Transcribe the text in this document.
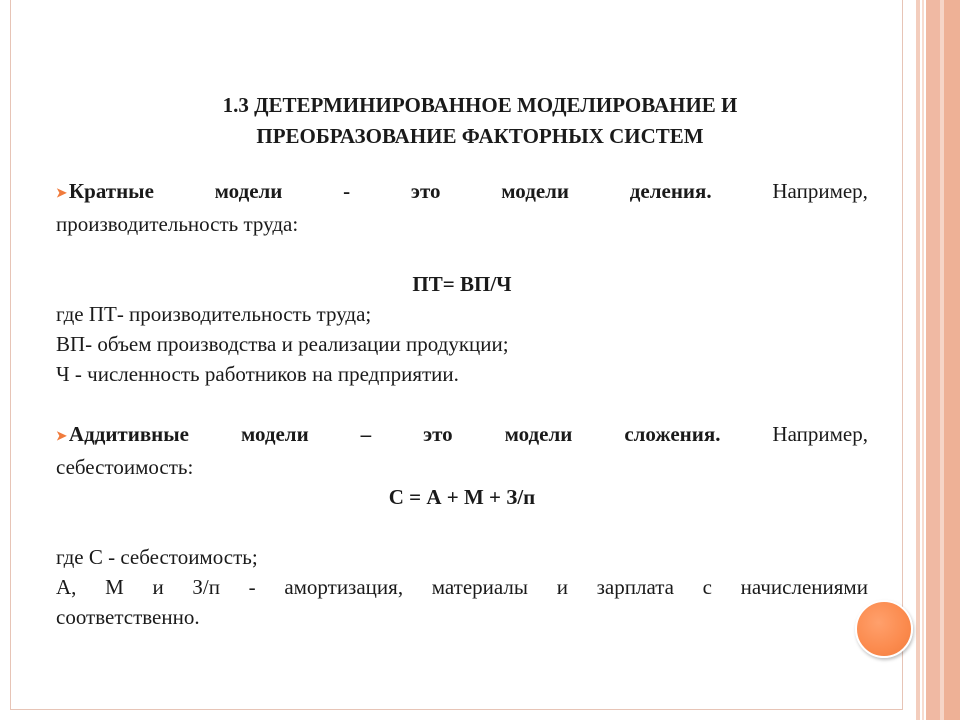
1.3 ДЕТЕРМИНИРОВАННОЕ МОДЕЛИРОВАНИЕ И
ПРЕОБРАЗОВАНИЕ ФАКТОРНЫХ СИСТЕМ
➤Кратные	модели	-	это	модели	деления.	Например,

производительность труда:

ПТ= ВП/Ч

где ПТ- производительность труда;

ВП- объем производства и реализации продукции;

Ч - численность работников на предприятии.

➤Аддитивные модели – это модели сложения. Например,

себестоимость:

С = А + М + З/п

где С - себестоимость;

А, М и З/п - амортизация, материалы и зарплата с начислениями

соответственно.
